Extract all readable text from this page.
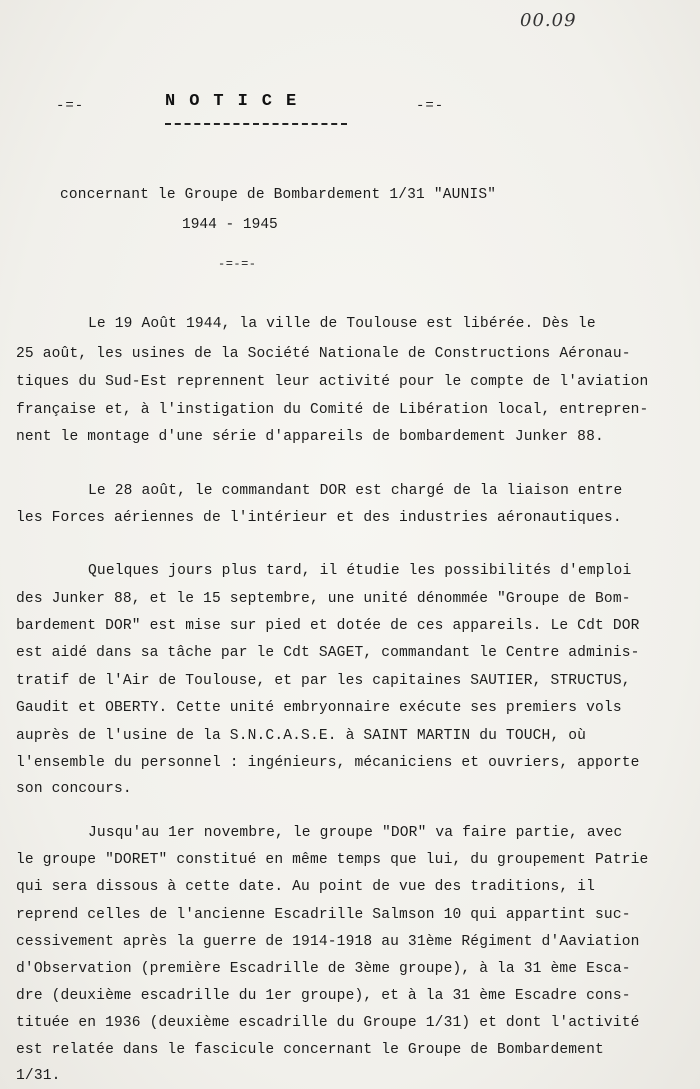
00.09
-=-	NOTICE	-=-
concernant le Groupe de Bombardement 1/31 "AUNIS"
1944 - 1945
-=-=-
Le 19 Août 1944, la ville de Toulouse est libérée. Dès le
25 août, les usines de la Société Nationale de Constructions Aéronau-
tiques du Sud-Est reprennent leur activité pour le compte de l'aviation
française et, à l'instigation du Comité de Libération local, entrepren-
nent le montage d'une série d'appareils de bombardement Junker 88.
Le 28 août, le commandant DOR est chargé de la liaison entre
les Forces aériennes de l'intérieur et des industries aéronautiques.
Quelques jours plus tard, il étudie les possibilités d'emploi
des Junker 88, et le 15 septembre, une unité dénommée "Groupe de Bom-
bardement DOR" est mise sur pied et dotée de ces appareils. Le Cdt DOR
est aidé dans sa tâche par le Cdt SAGET, commandant le Centre adminis-
tratif de l'Air de Toulouse, et par les capitaines SAUTIER, STRUCTUS,
Gaudit et OBERTY. Cette unité embryonnaire exécute ses premiers vols
auprès de l'usine de la S.N.C.A.S.E. à SAINT MARTIN du TOUCH, où
l'ensemble du personnel : ingénieurs, mécaniciens et ouvriers, apporte
son concours.
Jusqu'au 1er novembre, le groupe "DOR" va faire partie, avec
le groupe "DORET" constitué en même temps que lui, du groupement Patrie
qui sera dissous à cette date. Au point de vue des traditions, il
reprend celles de l'ancienne Escadrille Salmson 10 qui appartint suc-
cessivement après la guerre de 1914-1918 au 31ème Régiment d'Aaviation
d'Observation (première Escadrille de 3ème groupe), à la 31 ème Esca-
dre (deuxième escadrille du 1er groupe), et à la 31 ème Escadre cons-
tituée en 1936 (deuxième escadrille du Groupe 1/31) et dont l'activité
est relatée dans le fascicule concernant le Groupe de Bombardement
1/31.
